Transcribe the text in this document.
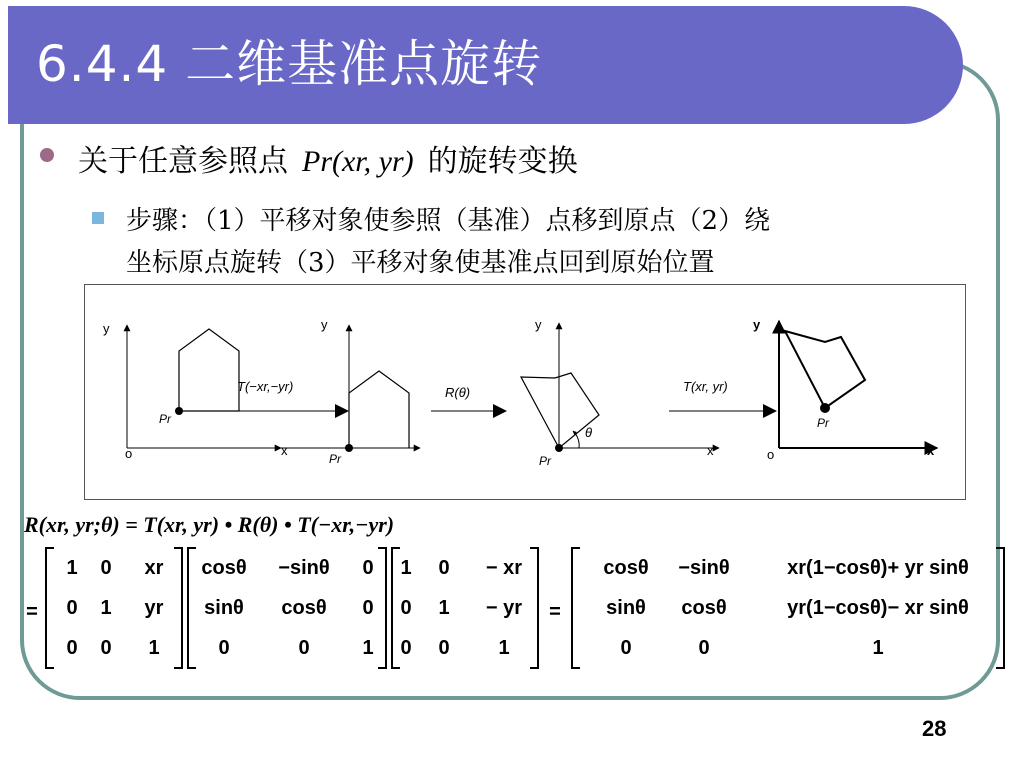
6.4.4 二维基准点旋转
关于任意参照点 Pr(xr, yr) 的旋转变换
步骤：（1）平移对象使参照（基准）点移到原点（2）绕
坐标原点旋转（3）平移对象使基准点回到原始位置
y
x
o
Pr
T(−xr,−yr)
y
Pr
R(θ)
y
x
Pr
θ
T(xr, yr)
y
x
o
Pr
R(xr, yr;θ) = T(xr, yr) • R(θ) • T(−xr,−yr)
=	=
1 0 xr
0 1 yr
0 0 1
cosθ −sinθ 0
sinθ cosθ 0
0	0	1
1 0 − xr
0 1 − yr
0 0 1
cosθ −sinθ	xr(1−cosθ)+ yr sinθ
sinθ cosθ	yr(1−cosθ)− xr sinθ
0	0	1
28
